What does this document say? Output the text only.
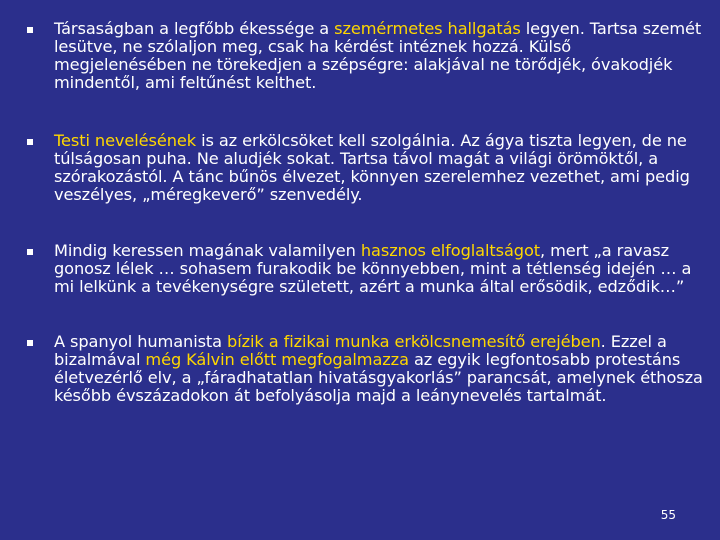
Társaságban a legfőbb ékessége a szemérmetes hallgatás legyen. Tartsa szemét lesütve, ne szólaljon meg, csak ha kérdést intéznek hozzá. Külső megjelenésében ne törekedjen a szépségre: alakjával ne törődjék, óvakodjék mindentől, ami feltűnést kelthet.
Testi nevelésének is az erkölcsöket kell szolgálnia. Az ágya tiszta legyen, de ne túlságosan puha. Ne aludjék sokat. Tartsa távol magát a világi örömöktől, a szórakozástól. A tánc bűnös élvezet, könnyen szerelemhez vezethet, ami pedig veszélyes, „méregkeverő” szenvedély.
Mindig keressen magának valamilyen hasznos elfoglaltságot, mert „a ravasz gonosz lélek … sohasem furakodik be könnyebben, mint a tétlenség idején … a mi lelkünk a tevékenységre született, azért a munka által erősödik, edződik…”
A spanyol humanista bízik a fizikai munka erkölcsnemesítő erejében. Ezzel a bizalmával még Kálvin előtt megfogalmazza az egyik legfontosabb protestáns életvezérlő elv, a „fáradhatatlan hivatásgyakorlás” parancsát, amelynek éthosza később évszázadokon át befolyásolja majd a leánynevelés tartalmát.
55
